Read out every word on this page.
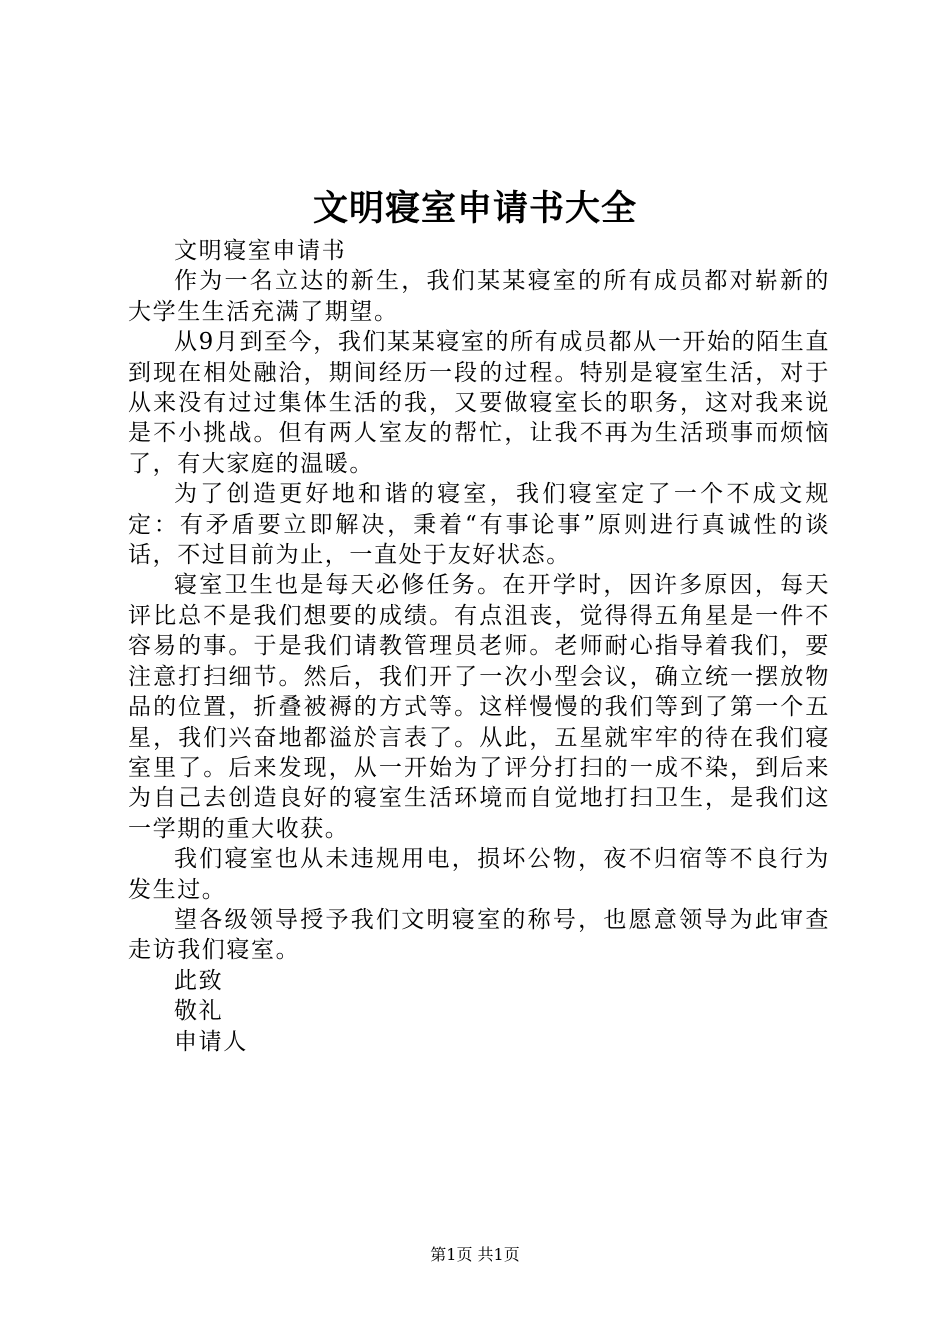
文明寝室申请书大全

文明寝室申请书

作为一名立达的新生，我们某某寝室的所有成员都对崭新的大学生生活充满了期望。

从9月到至今，我们某某寝室的所有成员都从一开始的陌生直到现在相处融洽，期间经历一段的过程。特别是寝室生活，对于从来没有过过集体生活的我，又要做寝室长的职务，这对我来说是不小挑战。但有两人室友的帮忙，让我不再为生活琐事而烦恼了，有大家庭的温暖。

为了创造更好地和谐的寝室，我们寝室定了一个不成文规定：有矛盾要立即解决，秉着“有事论事”原则进行真诚性的谈话，不过目前为止，一直处于友好状态。

寝室卫生也是每天必修任务。在开学时，因许多原因，每天评比总不是我们想要的成绩。有点沮丧，觉得得五角星是一件不容易的事。于是我们请教管理员老师。老师耐心指导着我们，要注意打扫细节。然后，我们开了一次小型会议，确立统一摆放物品的位置，折叠被褥的方式等。这样慢慢的我们等到了第一个五星，我们兴奋地都溢於言表了。从此，五星就牢牢的待在我们寝室里了。后来发现，从一开始为了评分打扫的一成不染，到后来为自己去创造良好的寝室生活环境而自觉地打扫卫生，是我们这一学期的重大收获。

我们寝室也从未违规用电，损坏公物，夜不归宿等不良行为发生过。

望各级领导授予我们文明寝室的称号，也愿意领导为此审查走访我们寝室。

此致

敬礼

申请人

第1页 共1页
